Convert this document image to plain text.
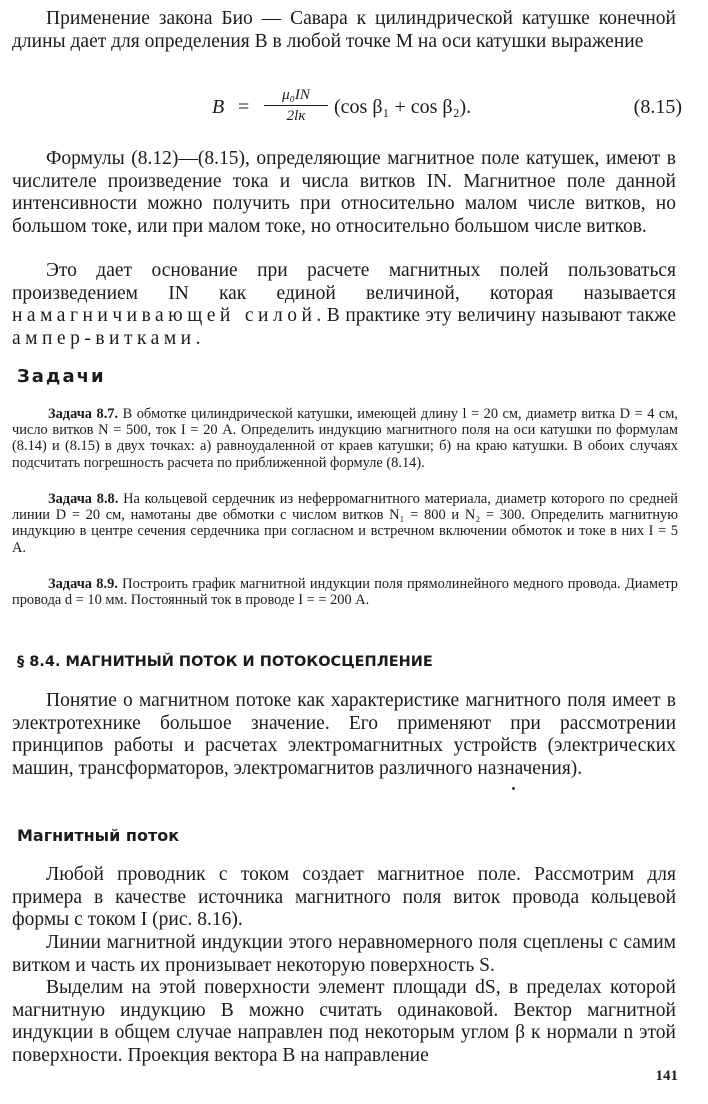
Применение закона Био — Савара к цилиндрической катушке конечной длины дает для определения B в любой точке M на оси катушки выражение

B =
μ₀IN
2lк	(cos β₁ + cos β₂).	(8.15)

Формулы (8.12)—(8.15), определяющие магнитное поле катушек, имеют в числителе произведение тока и числа витков IN. Магнитное поле данной интенсивности можно получить при относительно малом числе витков, но большом токе, или при малом токе, но относительно большом числе витков.

Это дает основание при расчете магнитных полей пользоваться произведением IN как единой величиной, которая называется намагничивающей силой. В практике эту величину называют также ампер-витками.

Задачи

Задача 8.7. В обмотке цилиндрической катушки, имеющей длину l = 20 см, диаметр витка D = 4 см, число витков N = 500, ток I = 20 А. Определить индукцию магнитного поля на оси катушки по формулам (8.14) и (8.15) в двух точках: а) равноудаленной от краев катушки; б) на краю катушки. В обоих случаях подсчитать погрешность расчета по приближенной формуле (8.14).

Задача 8.8. На кольцевой сердечник из неферромагнитного материала, диаметр которого по средней линии D = 20 см, намотаны две обмотки с числом витков N₁ = 800 и N₂ = 300. Определить магнитную индукцию в центре сечения сердечника при согласном и встречном включении обмоток и токе в них I = 5 А.

Задача 8.9. Построить график магнитной индукции поля прямолинейного медного провода. Диаметр провода d = 10 мм. Постоянный ток в проводе I = = 200 А.

§ 8.4. МАГНИТНЫЙ ПОТОК И ПОТОКОСЦЕПЛЕНИЕ

Понятие о магнитном потоке как характеристике магнитного поля имеет в электротехнике большое значение. Его применяют при рассмотрении принципов работы и расчетах электромагнитных устройств (электрических машин, трансформаторов, электромагнитов различного назначения).

Магнитный поток

Любой проводник с током создает магнитное поле. Рассмотрим для примера в качестве источника магнитного поля виток провода кольцевой формы с током I (рис. 8.16).

Линии магнитной индукции этого неравномерного поля сцеплены с самим витком и часть их пронизывает некоторую поверхность S.

Выделим на этой поверхности элемент площади dS, в пределах которой магнитную индукцию B можно считать одинаковой. Вектор магнитной индукции в общем случае направлен под некоторым углом β к нормали n этой поверхности. Проекция вектора B на направление

141
